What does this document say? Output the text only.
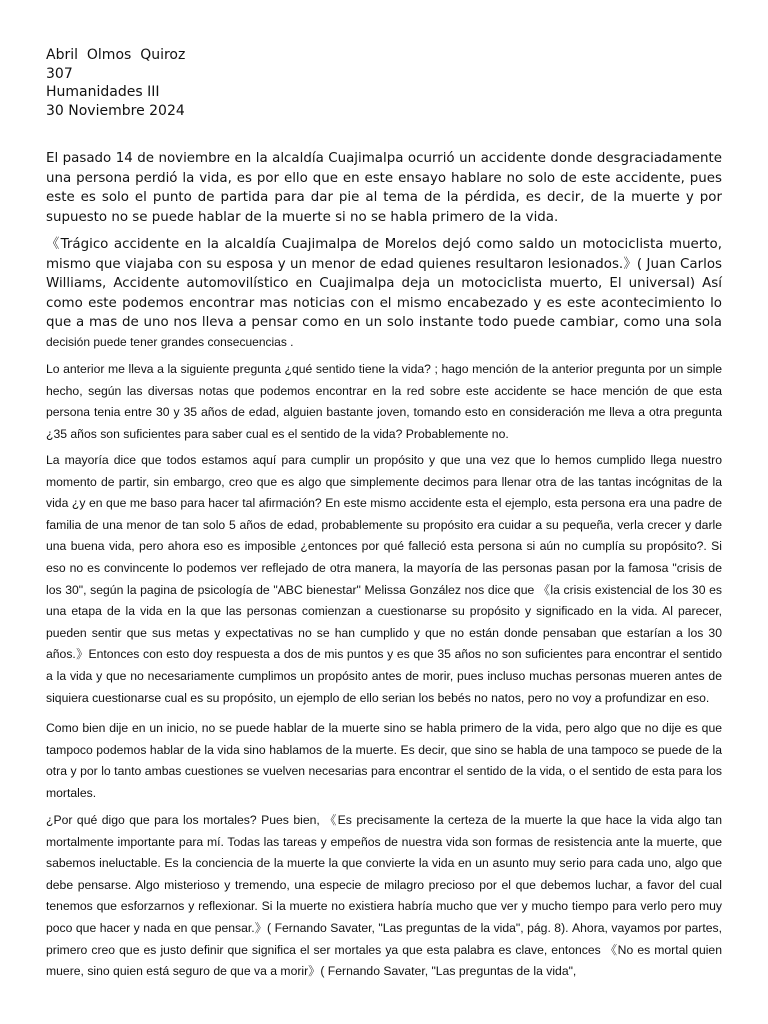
Abril  Olmos  Quiroz
307
Humanidades III
30 Noviembre 2024

El pasado 14 de noviembre en la alcaldía Cuajimalpa ocurrió un accidente donde desgraciadamente una persona perdió la vida, es por ello que en este ensayo hablare no solo de este accidente, pues este es solo el punto de partida para dar pie al tema de la pérdida, es decir, de la muerte y por supuesto no se puede hablar de la muerte si no se habla primero de la vida.

《Trágico accidente en la alcaldía Cuajimalpa de Morelos dejó como saldo un motociclista muerto, mismo que viajaba con su esposa y un menor de edad quienes resultaron lesionados.》( Juan Carlos Williams, Accidente automovilístico en Cuajimalpa deja un motociclista muerto, El universal) Así como este podemos encontrar mas noticias con el mismo encabezado y es este acontecimiento lo que a mas de uno nos lleva a pensar como en un solo instante todo puede cambiar, como una sola decisión puede tener grandes consecuencias .

Lo anterior me lleva a la siguiente pregunta ¿qué sentido tiene la vida? ; hago mención de la anterior pregunta por un simple hecho, según las diversas notas que podemos encontrar en la red sobre este accidente se hace mención de que esta persona tenia entre 30 y 35 años de edad, alguien bastante joven, tomando esto en consideración me lleva a otra pregunta ¿35 años son suficientes para saber cual es el sentido de la vida? Probablemente no.

La mayoría dice que todos estamos aquí para cumplir un propósito y que una vez que lo hemos cumplido llega nuestro momento de partir, sin embargo, creo que es algo que simplemente decimos para llenar otra de las tantas incógnitas de la vida ¿y en que me baso para hacer tal afirmación? En este mismo accidente esta el ejemplo, esta persona era una padre de familia de una menor de tan solo 5 años de edad, probablemente su propósito era cuidar a su pequeña, verla crecer y darle una buena vida, pero ahora eso es imposible ¿entonces por qué falleció esta persona si aún no cumplía su propósito?. Si eso no es convincente lo podemos ver reflejado de otra manera, la mayoría de las personas pasan por la famosa "crisis de los 30", según la pagina de psicología de "ABC bienestar" Melissa González nos dice que 《la crisis existencial de los 30 es una etapa de la vida en la que las personas comienzan a cuestionarse su propósito y significado en la vida. Al parecer, pueden sentir que sus metas y expectativas no se han cumplido y que no están donde pensaban que estarían a los 30 años.》Entonces con esto doy respuesta a dos de mis puntos y es que 35 años no son suficientes para encontrar el sentido a la vida y que no necesariamente cumplimos un propósito antes de morir, pues incluso muchas personas mueren antes de siquiera cuestionarse cual es su propósito, un ejemplo de ello serian los bebés no natos, pero no voy a profundizar en eso.

Como bien dije en un inicio, no se puede hablar de la muerte sino se habla primero de la vida, pero algo que no dije es que tampoco podemos hablar de la vida sino hablamos de la muerte. Es decir, que sino se habla de una tampoco se puede de la otra y por lo tanto ambas cuestiones se vuelven necesarias para encontrar el sentido de la vida, o el sentido de esta para los mortales.

¿Por qué digo que para los mortales? Pues bien, 《Es precisamente la certeza de la muerte la que hace la vida algo tan mortalmente importante para mí. Todas las tareas y empeños de nuestra vida son formas de resistencia ante la muerte, que sabemos ineluctable. Es la conciencia de la muerte la que convierte la vida en un asunto muy serio para cada uno, algo que debe pensarse. Algo misterioso y tremendo, una especie de milagro precioso por el que debemos luchar, a favor del cual tenemos que esforzarnos y reflexionar. Si la muerte no existiera habría mucho que ver y mucho tiempo para verlo pero muy poco que hacer y nada en que pensar.》( Fernando Savater, "Las preguntas de la vida", pág. 8). Ahora, vayamos por partes, primero creo que es justo definir que significa el ser mortales ya que esta palabra es clave, entonces 《No es mortal quien muere, sino quien está seguro de que va a morir》( Fernando Savater, "Las preguntas de la vida",
